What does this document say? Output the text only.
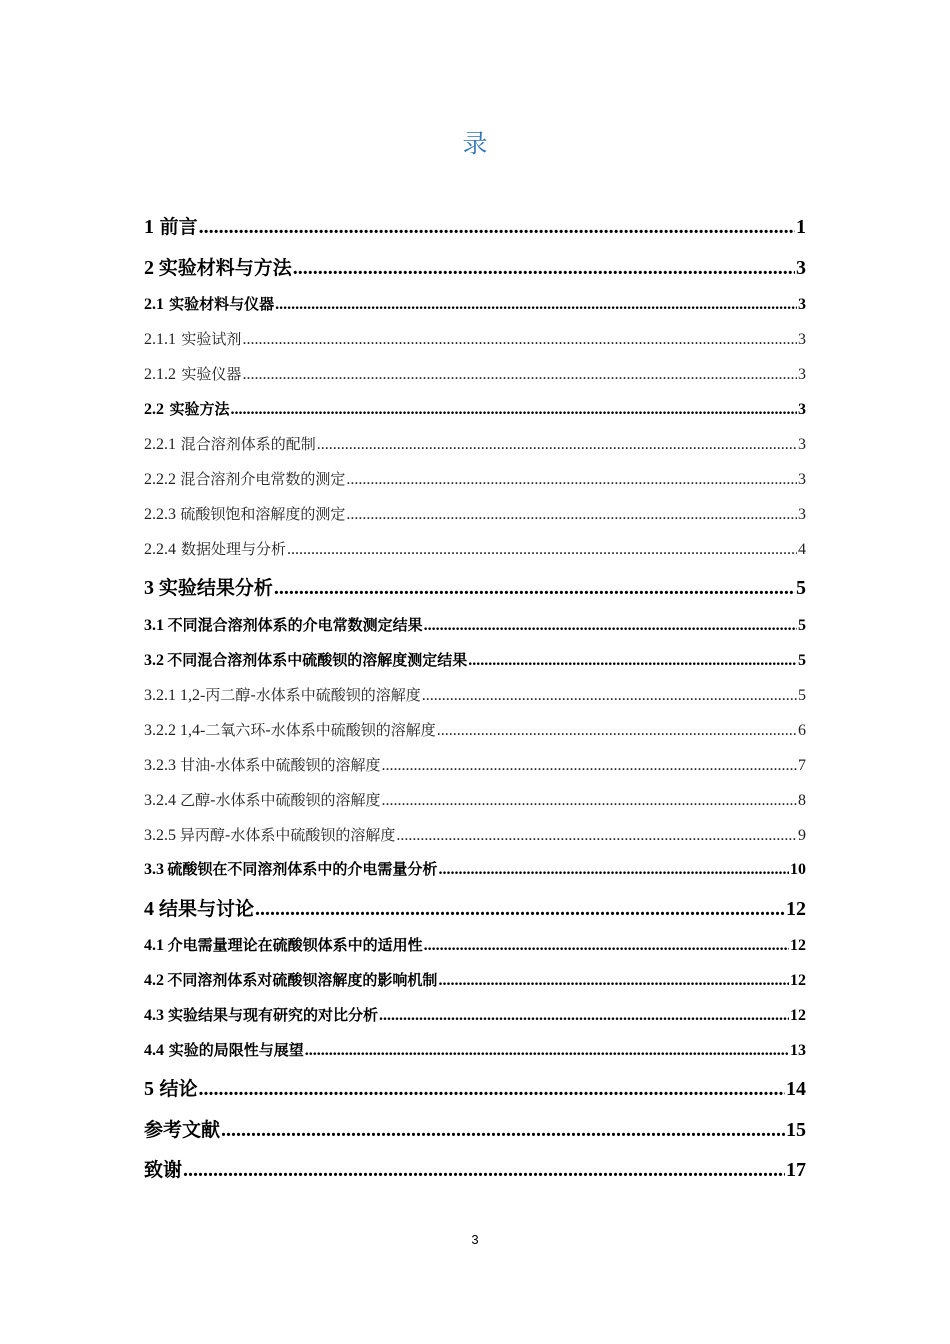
录
1 前言 .....	1
2 实验材料与方法 .....	3
2.1 实验材料与仪器 .....	3
2.1.1 实验试剂 .....	3
2.1.2 实验仪器 .....	3
2.2 实验方法 .....	3
2.2.1 混合溶剂体系的配制 .....	3
2.2.2 混合溶剂介电常数的测定 .....	3
2.2.3 硫酸钡饱和溶解度的测定 .....	3
2.2.4 数据处理与分析 .....	4
3 实验结果分析 .....	5
3.1 不同混合溶剂体系的介电常数测定结果 .....	5
3.2 不同混合溶剂体系中硫酸钡的溶解度测定结果 .....	5
3.2.1 1,2- 丙二醇-水体系中硫酸钡的溶解度 .....	5
3.2.2 1,4- 二氧六环-水体系中硫酸钡的溶解度 .....	6
3.2.3 甘油-水体系中硫酸钡的溶解度 .....	7
3.2.4 乙醇-水体系中硫酸钡的溶解度 .....	8
3.2.5 异丙醇-水体系中硫酸钡的溶解度 .....	9
3.3 硫酸钡在不同溶剂体系中的介电需量分析 .....	10
4 结果与讨论 .....	12
4.1 介电需量理论在硫酸钡体系中的适用性 .....	12
4.2 不同溶剂体系对硫酸钡溶解度的影响机制 .....	12
4.3 实验结果与现有研究的对比分析 .....	12
4.4 实验的局限性与展望 .....	13
5 结论 .....	14
参考文献 .....	15
致谢 .....	17
3
